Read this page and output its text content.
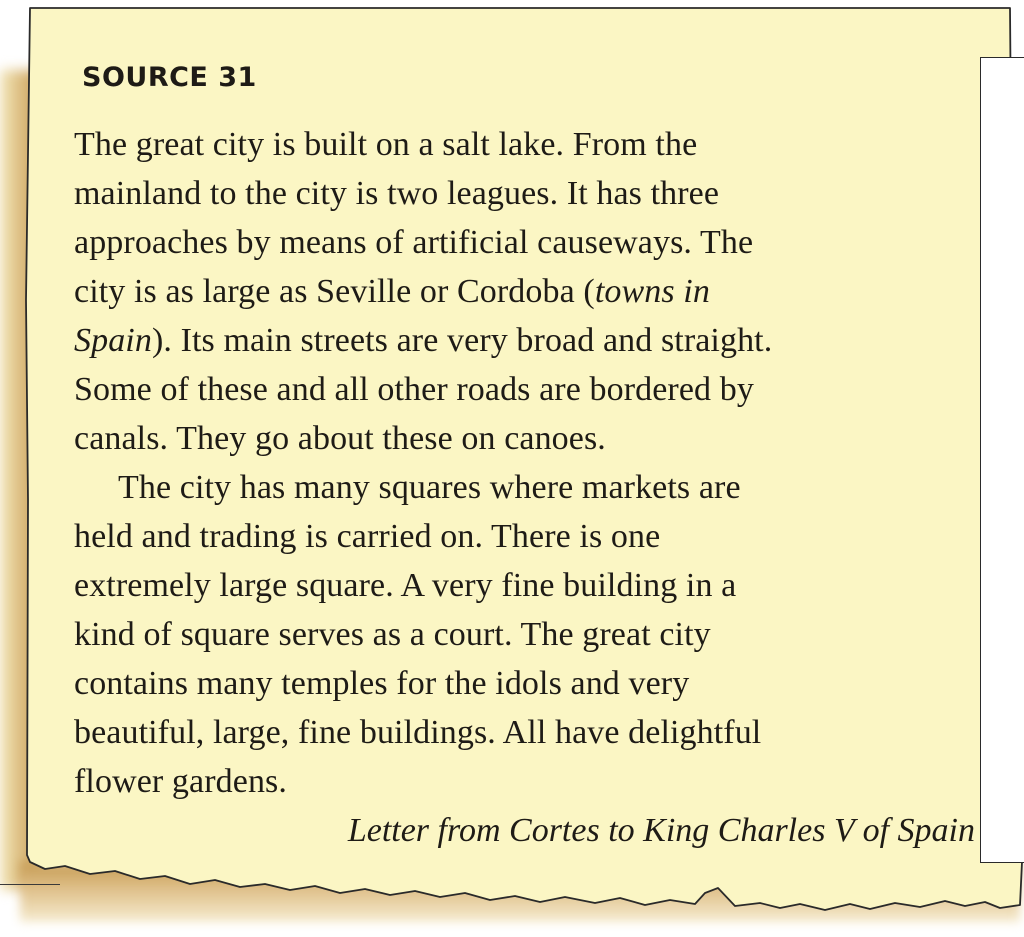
SOURCE 31
The great city is built on a salt lake. From the
mainland to the city is two leagues. It has three
approaches by means of artificial causeways. The
city is as large as Seville or Cordoba (towns in
Spain). Its main streets are very broad and straight.
Some of these and all other roads are bordered by
canals. They go about these on canoes.
The city has many squares where markets are
held and trading is carried on. There is one
extremely large square. A very fine building in a
kind of square serves as a court. The great city
contains many temples for the idols and very
beautiful, large, fine buildings. All have delightful
flower gardens.
Letter from Cortes to King Charles V of Spain
